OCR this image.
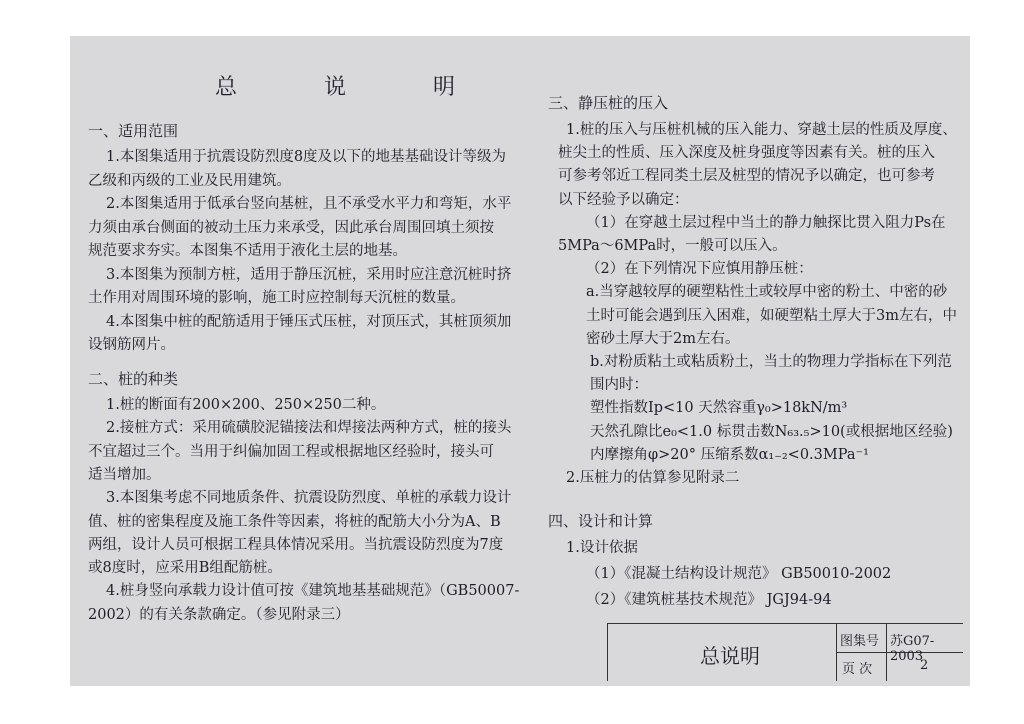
总 说 明
一、适用范围
1.本图集适用于抗震设防烈度8度及以下的地基基础设计等级为
乙级和丙级的工业及民用建筑。
2.本图集适用于低承台竖向基桩，且不承受水平力和弯矩，水平
力须由承台侧面的被动土压力来承受，因此承台周围回填土须按
规范要求夯实。本图集不适用于液化土层的地基。
3.本图集为预制方桩，适用于静压沉桩，采用时应注意沉桩时挤
土作用对周围环境的影响，施工时应控制每天沉桩的数量。
4.本图集中桩的配筋适用于锤压式压桩，对顶压式，其桩顶须加
设钢筋网片。
二、桩的种类
1.桩的断面有200×200、250×250二种。
2.接桩方式：采用硫磺胶泥锚接法和焊接法两种方式，桩的接头
不宜超过三个。当用于纠偏加固工程或根据地区经验时，接头可
适当增加。
3.本图集考虑不同地质条件、抗震设防烈度、单桩的承载力设计
值、桩的密集程度及施工条件等因素，将桩的配筋大小分为A、B
两组，设计人员可根据工程具体情况采用。当抗震设防烈度为7度
或8度时，应采用B组配筋桩。
4.桩身竖向承载力设计值可按《建筑地基基础规范》（GB50007-
2002）的有关条款确定。（参见附录三）
三、静压桩的压入
1.桩的压入与压桩机械的压入能力、穿越土层的性质及厚度、
桩尖土的性质、压入深度及桩身强度等因素有关。桩的压入
可参考邻近工程同类土层及桩型的情况予以确定，也可参考
以下经验予以确定：
（1）在穿越土层过程中当土的静力触探比贯入阻力Ps在
5MPa～6MPa时，一般可以压入。
（2）在下列情况下应慎用静压桩：
a.当穿越较厚的硬塑粘性土或较厚中密的粉土、中密的砂
土时可能会遇到压入困难，如硬塑粘土厚大于3m左右，中
密砂土厚大于2m左右。
b.对粉质粘土或粘质粉土，当土的物理力学指标在下列范
围内时：
塑性指数Ip<10 天然容重γ₀>18kN/m³
天然孔隙比e₀<1.0 标贯击数N₆₃.₅>10(或根据地区经验)
内摩擦角φ>20° 压缩系数α₁₋₂<0.3MPa⁻¹
2.压桩力的估算参见附录二
四、设计和计算
1.设计依据
（1）《混凝土结构设计规范》 GB50010-2002
（2）《建筑桩基技术规范》 JGJ94-94
总说明
图集号 苏G07-2003
页 次	2
